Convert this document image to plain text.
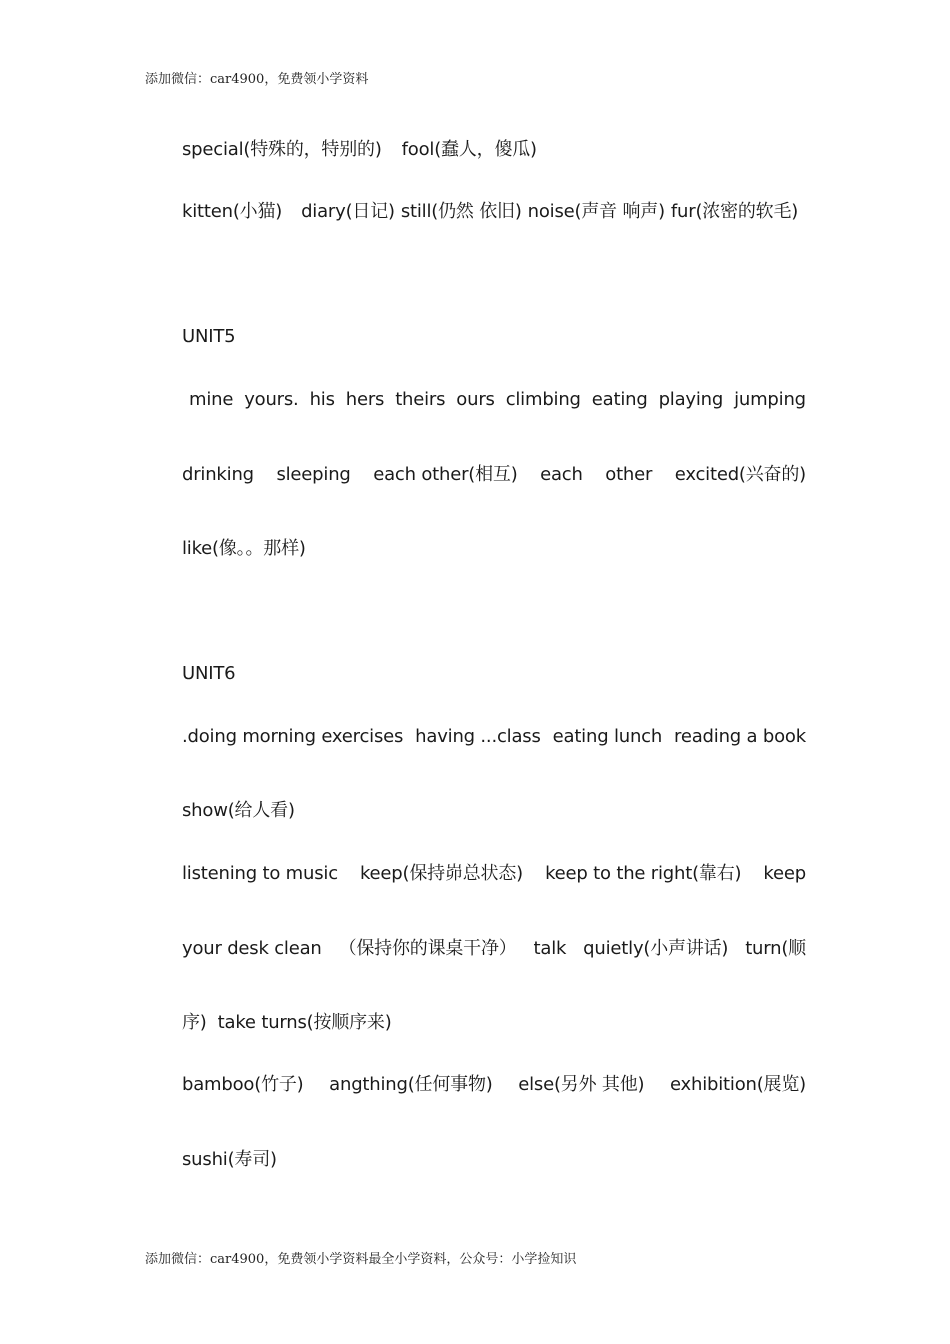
添加微信：car4900，免费领小学资料
special(特殊的，特别的) fool(蠢人，傻瓜)
kitten(小猫) diary(日记) still(仍然 依旧) noise(声音 响声) fur(浓密的软毛)
UNIT5
mine yours. his hers theirs ours climbing eating playing jumping
drinking sleeping each other(相互) each other excited(兴奋的)
like(像。。那样)
UNIT6
.doing morning exercises having ...class eating lunch reading a book
show(给人看)
listening to music keep(保持峁总状态) keep to the right(靠右) keep
your desk clean （保持你的课桌干净） talk quietly(小声讲话) turn(顺
序)  take turns(按顺序来)
bamboo(竹子) angthing(任何事物) else(另外 其他) exhibition(展览)
sushi(寿司)
添加微信：car4900，免费领小学资料最全小学资料，公众号：小学捡知识
